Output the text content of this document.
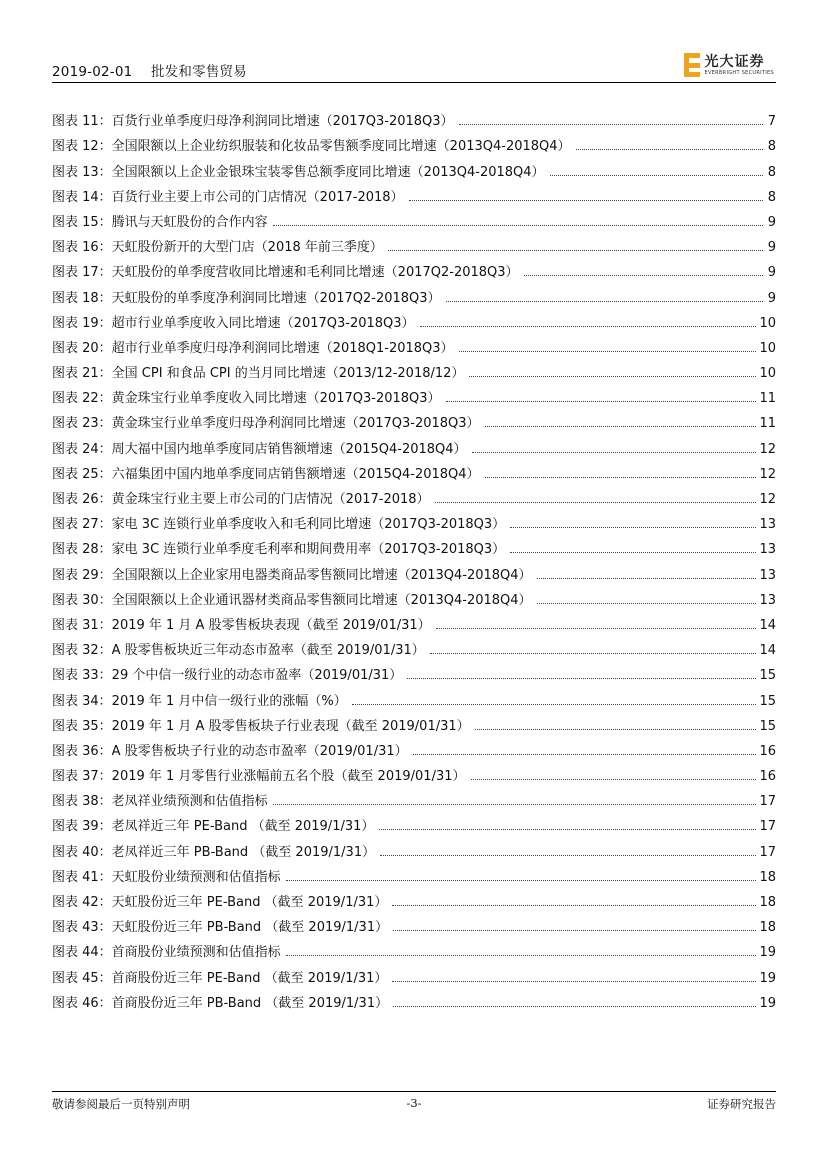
2019-02-01 批发和零售贸易
光大证券
EVERBRIGHT SECURITIES
图表 11：百货行业单季度归母净利润同比增速（2017Q3-2018Q3）	7
图表 12：全国限额以上企业纺织服装和化妆品零售额季度同比增速（2013Q4-2018Q4）	8
图表 13：全国限额以上企业金银珠宝装零售总额季度同比增速（2013Q4-2018Q4）	8
图表 14：百货行业主要上市公司的门店情况（2017-2018）	8
图表 15：腾讯与天虹股份的合作内容	9
图表 16：天虹股份新开的大型门店（2018 年前三季度）	9
图表 17：天虹股份的单季度营收同比增速和毛利同比增速（2017Q2-2018Q3）	9
图表 18：天虹股份的单季度净利润同比增速（2017Q2-2018Q3）	9
图表 19：超市行业单季度收入同比增速（2017Q3-2018Q3）	10
图表 20：超市行业单季度归母净利润同比增速（2018Q1-2018Q3）	10
图表 21：全国 CPI 和食品 CPI 的当月同比增速（2013/12-2018/12）	10
图表 22：黄金珠宝行业单季度收入同比增速（2017Q3-2018Q3）	11
图表 23：黄金珠宝行业单季度归母净利润同比增速（2017Q3-2018Q3）	11
图表 24：周大福中国内地单季度同店销售额增速（2015Q4-2018Q4）	12
图表 25：六福集团中国内地单季度同店销售额增速（2015Q4-2018Q4）	12
图表 26：黄金珠宝行业主要上市公司的门店情况（2017-2018）	12
图表 27：家电 3C 连锁行业单季度收入和毛利同比增速（2017Q3-2018Q3）	13
图表 28：家电 3C 连锁行业单季度毛利率和期间费用率（2017Q3-2018Q3）	13
图表 29：全国限额以上企业家用电器类商品零售额同比增速（2013Q4-2018Q4）	13
图表 30：全国限额以上企业通讯器材类商品零售额同比增速（2013Q4-2018Q4）	13
图表 31：2019 年 1 月 A 股零售板块表现（截至 2019/01/31）	14
图表 32：A 股零售板块近三年动态市盈率（截至 2019/01/31）	14
图表 33：29 个中信一级行业的动态市盈率（2019/01/31）	15
图表 34：2019 年 1 月中信一级行业的涨幅（%）	15
图表 35：2019 年 1 月 A 股零售板块子行业表现（截至 2019/01/31）	15
图表 36：A 股零售板块子行业的动态市盈率（2019/01/31）	16
图表 37：2019 年 1 月零售行业涨幅前五名个股（截至 2019/01/31）	16
图表 38：老凤祥业绩预测和估值指标	17
图表 39：老凤祥近三年 PE-Band （截至 2019/1/31）	17
图表 40：老凤祥近三年 PB-Band （截至 2019/1/31）	17
图表 41：天虹股份业绩预测和估值指标	18
图表 42：天虹股份近三年 PE-Band （截至 2019/1/31）	18
图表 43：天虹股份近三年 PB-Band （截至 2019/1/31）	18
图表 44：首商股份业绩预测和估值指标	19
图表 45：首商股份近三年 PE-Band （截至 2019/1/31）	19
图表 46：首商股份近三年 PB-Band （截至 2019/1/31）	19
敬请参阅最后一页特别声明	-3-	证券研究报告
